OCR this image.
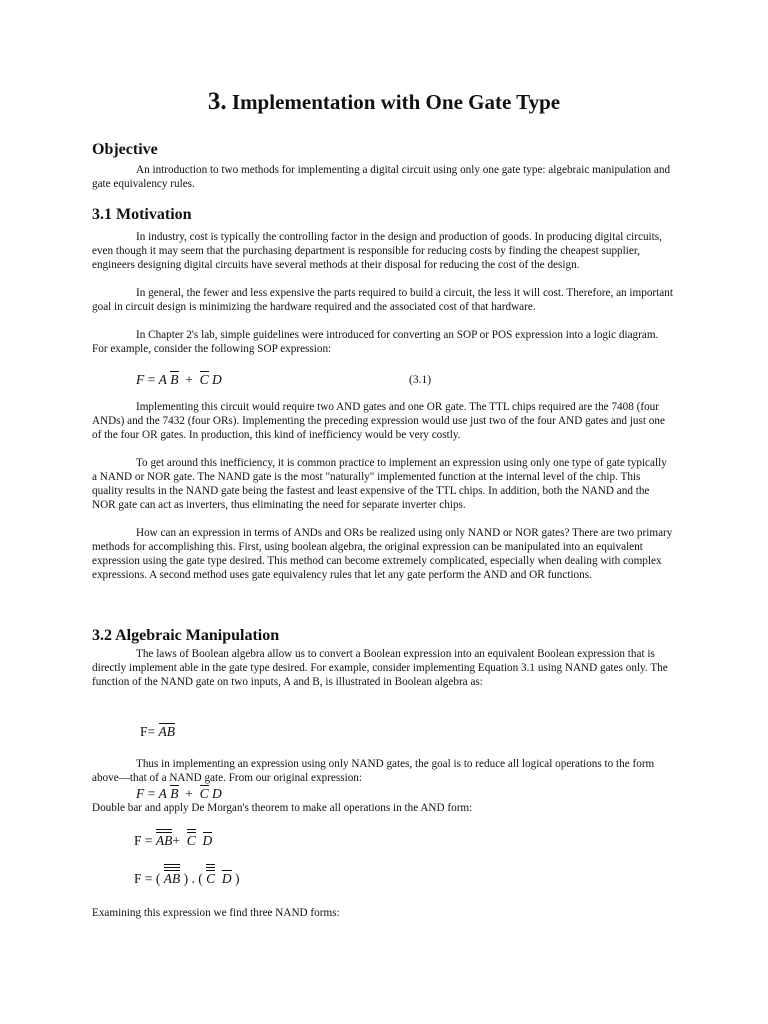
3. Implementation with One Gate Type
Objective

An introduction to two methods for implementing a digital circuit using only one gate type: algebraic manipulation and gate equivalency rules.

3.1 Motivation

In industry, cost is typically the controlling factor in the design and production of goods. In producing digital circuits, even though it may seem that the purchasing department is responsible for reducing costs by finding the cheapest supplier, engineers designing digital circuits have several methods at their disposal for reducing the cost of the design.

In general, the fewer and less expensive the parts required to build a circuit, the less it will cost. Therefore, an important goal in circuit design is minimizing the hardware required and the associated cost of that hardware.

In Chapter 2's lab, simple guidelines were introduced for converting an SOP or POS expression into a logic diagram. For example, consider the following SOP expression:

F = A B + C D	(3.1)

Implementing this circuit would require two AND gates and one OR gate. The TTL chips required are the 7408 (four ANDs) and the 7432 (four ORs). Implementing the preceding expression would use just two of the four AND gates and just one of the four OR gates. In production, this kind of inefficiency would be very costly.

To get around this inefficiency, it is common practice to implement an expression using only one type of gate typically a NAND or NOR gate. The NAND gate is the most "naturally" implemented function at the internal level of the chip. This quality results in the NAND gate being the fastest and least expensive of the TTL chips. In addition, both the NAND and the NOR gate can act as inverters, thus eliminating the need for separate inverter chips.

How can an expression in terms of ANDs and ORs be realized using only NAND or NOR gates? There are two primary methods for accomplishing this. First, using boolean algebra, the original expression can be manipulated into an equivalent expression using the gate type desired. This method can become extremely complicated, especially when dealing with complex expressions. A second method uses gate equivalency rules that let any gate perform the AND and OR functions.

3.2 Algebraic Manipulation

The laws of Boolean algebra allow us to convert a Boolean expression into an equivalent Boolean expression that is directly implement able in the gate type desired. For example, consider implementing Equation 3.1 using NAND gates only. The function of the NAND gate on two inputs, A and B, is illustrated in Boolean algebra as:

F= AB

Thus in implementing an expression using only NAND gates, the goal is to reduce all logical operations to the form above—that of a NAND gate. From our original expression:

F = A B + C D

Double bar and apply De Morgan's theorem to make all operations in the AND form:

F = AB+ C D
F = ( AB ) . ( C D )

Examining this expression we find three NAND forms:
